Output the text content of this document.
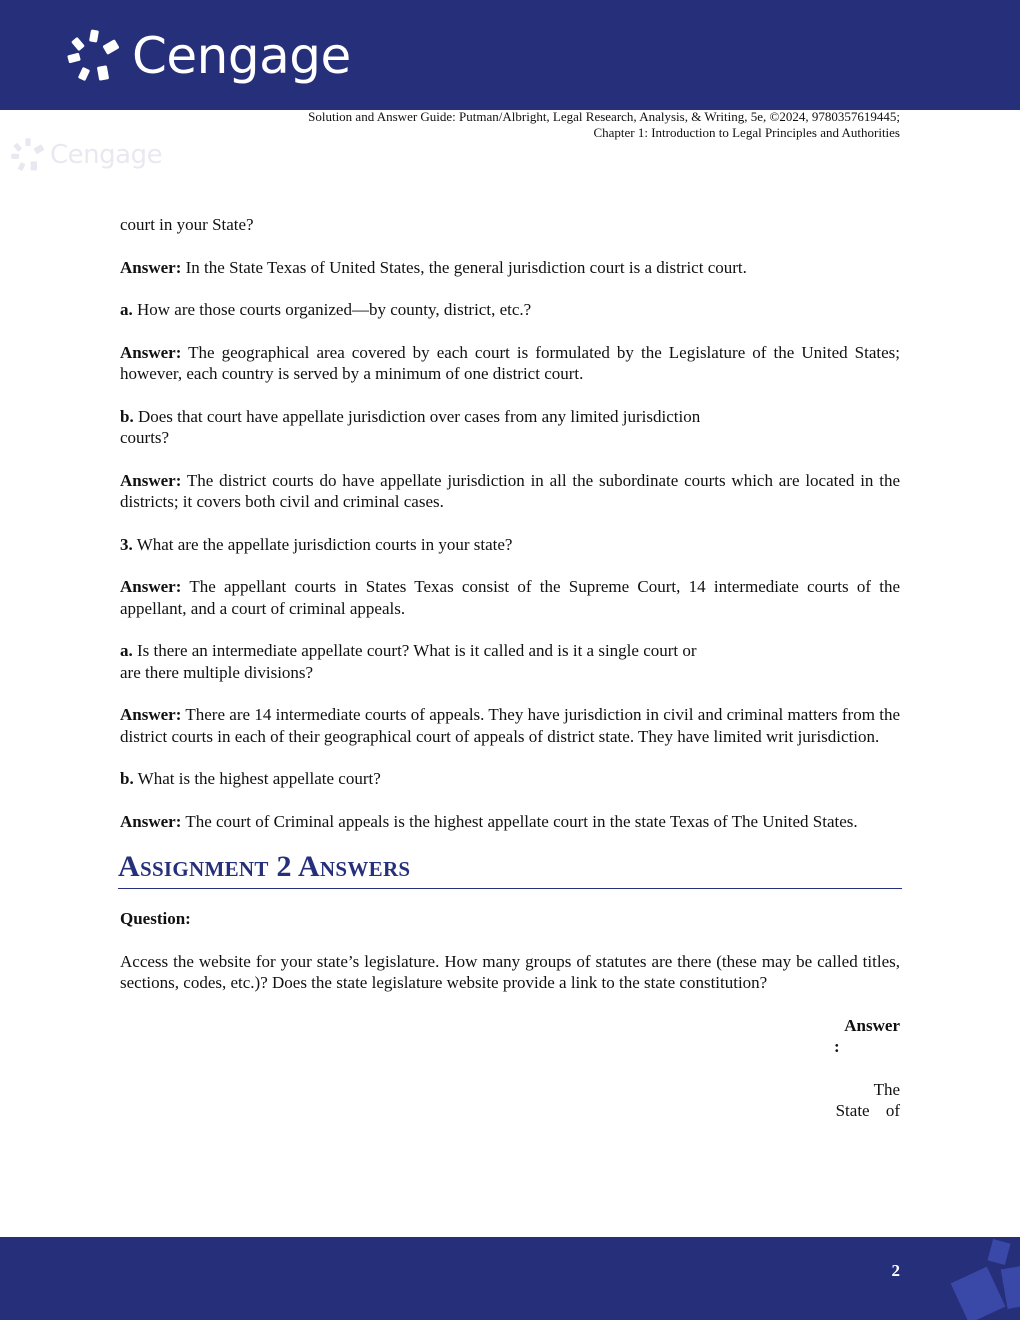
Cengage
Solution and Answer Guide: Putman/Albright, Legal Research, Analysis, & Writing, 5e, ©2024, 9780357619445;
Chapter 1: Introduction to Legal Principles and Authorities
Cengage

court in your State?

Answer: In the State Texas of United States, the general jurisdiction court is a district court.

a. How are those courts organized—by county, district, etc.?

Answer: The geographical area covered by each court is formulated by the Legislature of the United States; however, each country is served by a minimum of one district court.

b. Does that court have appellate jurisdiction over cases from any limited jurisdiction
courts?

Answer: The district courts do have appellate jurisdiction in all the subordinate courts which are located in the districts; it covers both civil and criminal cases.

3. What are the appellate jurisdiction courts in your state?

Answer: The appellant courts in States Texas consist of the Supreme Court, 14 intermediate courts of the appellant, and a court of criminal appeals.

a. Is there an intermediate appellate court? What is it called and is it a single court or
are there multiple divisions?

Answer: There are 14 intermediate courts of appeals. They have jurisdiction in civil and criminal matters from the district courts in each of their geographical court of appeals of district state. They have limited writ jurisdiction.

b. What is the highest appellate court?

Answer: The court of Criminal appeals is the highest appellate court in the state Texas of The United States.

Assignment 2 Answers

Question:

Access the website for your state’s legislature. How many groups of statutes are there (these may be called titles, sections, codes, etc.)? Does the state legislature website provide a link to the state constitution?

Answer

:
The
State of
2
